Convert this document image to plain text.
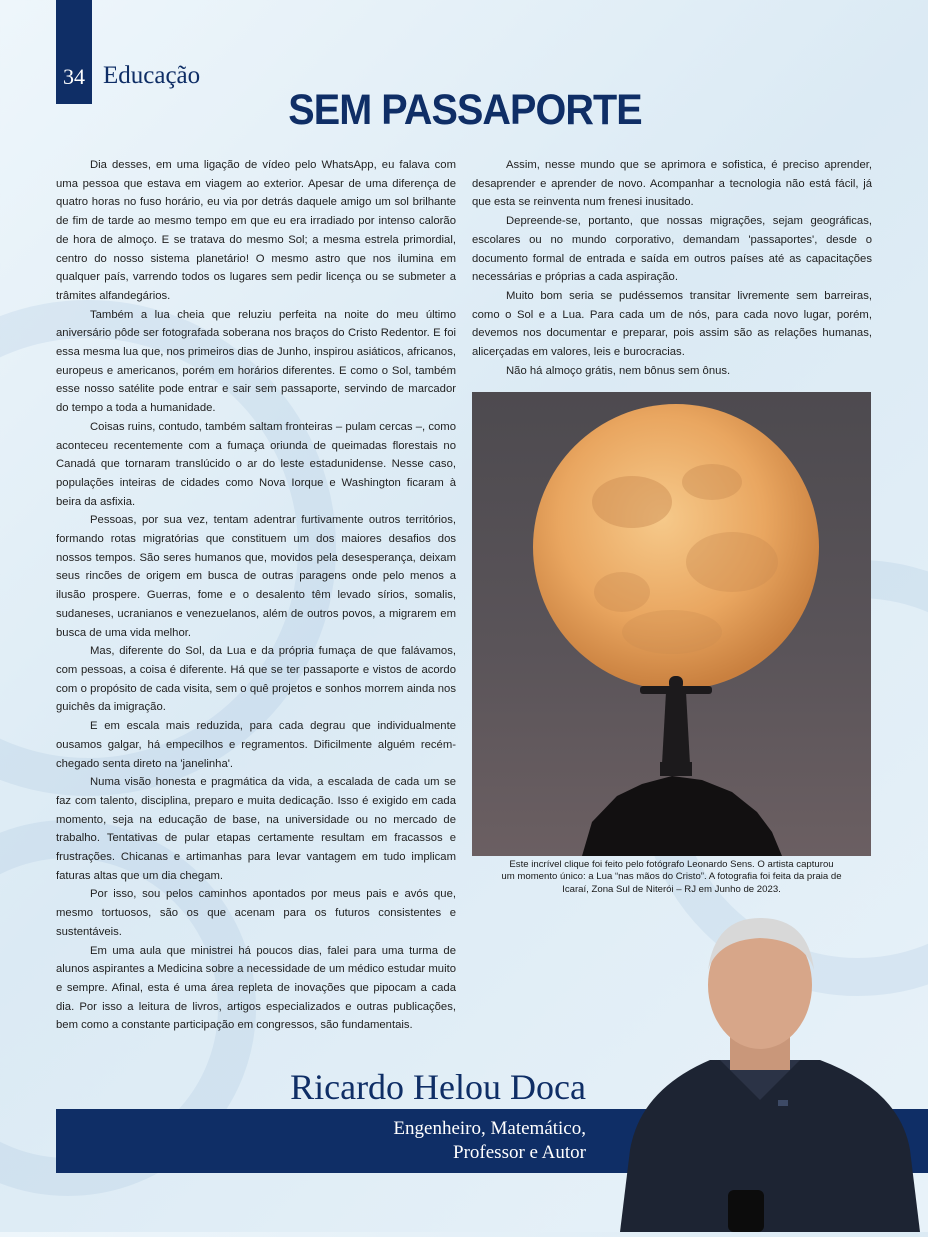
34 Educação
SEM PASSAPORTE

Dia desses, em uma ligação de vídeo pelo WhatsApp, eu falava com uma pessoa que estava em viagem ao exterior. Apesar de uma diferença de quatro horas no fuso horário, eu via por detrás daquele amigo um sol brilhante de fim de tarde ao mesmo tempo em que eu era irradiado por intenso calorão de hora de almoço. E se tratava do mesmo Sol; a mesma estrela primordial, centro do nosso sistema planetário! O mesmo astro que nos ilumina em qualquer país, varrendo todos os lugares sem pedir licença ou se submeter a trâmites alfandegários.

Também a lua cheia que reluziu perfeita na noite do meu último aniversário pôde ser fotografada soberana nos braços do Cristo Redentor. E foi essa mesma lua que, nos primeiros dias de Junho, inspirou asiáticos, africanos, europeus e americanos, porém em horários diferentes. E como o Sol, também esse nosso satélite pode entrar e sair sem passaporte, servindo de marcador do tempo a toda a humanidade.

Coisas ruins, contudo, também saltam fronteiras – pulam cercas –, como aconteceu recentemente com a fumaça oriunda de queimadas florestais no Canadá que tornaram translúcido o ar do leste estadunidense. Nesse caso, populações inteiras de cidades como Nova Iorque e Washington ficaram à beira da asfixia.

Pessoas, por sua vez, tentam adentrar furtivamente outros territórios, formando rotas migratórias que constituem um dos maiores desafios dos nossos tempos. São seres humanos que, movidos pela desesperança, deixam seus rincões de origem em busca de outras paragens onde pelo menos a ilusão prospere. Guerras, fome e o desalento têm levado sírios, somalis, sudaneses, ucranianos e venezuelanos, além de outros povos, a migrarem em busca de uma vida melhor.

Mas, diferente do Sol, da Lua e da própria fumaça de que falávamos, com pessoas, a coisa é diferente. Há que se ter passaporte e vistos de acordo com o propósito de cada visita, sem o quê projetos e sonhos morrem ainda nos guichês da imigração.

E em escala mais reduzida, para cada degrau que individualmente ousamos galgar, há empecilhos e regramentos. Dificilmente alguém recém-chegado senta direto na 'janelinha'.

Numa visão honesta e pragmática da vida, a escalada de cada um se faz com talento, disciplina, preparo e muita dedicação. Isso é exigido em cada momento, seja na educação de base, na universidade ou no mercado de trabalho. Tentativas de pular etapas certamente resultam em fracassos e frustrações. Chicanas e artimanhas para levar vantagem em tudo implicam faturas altas que um dia chegam.

Por isso, sou pelos caminhos apontados por meus pais e avós que, mesmo tortuosos, são os que acenam para os futuros consistentes e sustentáveis.

Em uma aula que ministrei há poucos dias, falei para uma turma de alunos aspirantes a Medicina sobre a necessidade de um médico estudar muito e sempre. Afinal, esta é uma área repleta de inovações que pipocam a cada dia. Por isso a leitura de livros, artigos especializados e outras publicações, bem como a constante participação em congressos, são fundamentais.

Assim, nesse mundo que se aprimora e sofistica, é preciso aprender, desaprender e aprender de novo. Acompanhar a tecnologia não está fácil, já que esta se reinventa num frenesi inusitado.

Depreende-se, portanto, que nossas migrações, sejam geográficas, escolares ou no mundo corporativo, demandam 'passaportes', desde o documento formal de entrada e saída em outros países até as capacitações necessárias e próprias a cada aspiração.

Muito bom seria se pudéssemos transitar livremente sem barreiras, como o Sol e a Lua. Para cada um de nós, para cada novo lugar, porém, devemos nos documentar e preparar, pois assim são as relações humanas, alicerçadas em valores, leis e burocracias.

Não há almoço grátis, nem bônus sem ônus.

Este incrível clique foi feito pelo fotógrafo Leonardo Sens. O artista capturou
um momento único: a Lua “nas mãos do Cristo”. A fotografia foi feita da praia de
Icaraí, Zona Sul de Niterói – RJ em Junho de 2023.
Ricardo Helou Doca
Engenheiro, Matemático,
Professor e Autor
